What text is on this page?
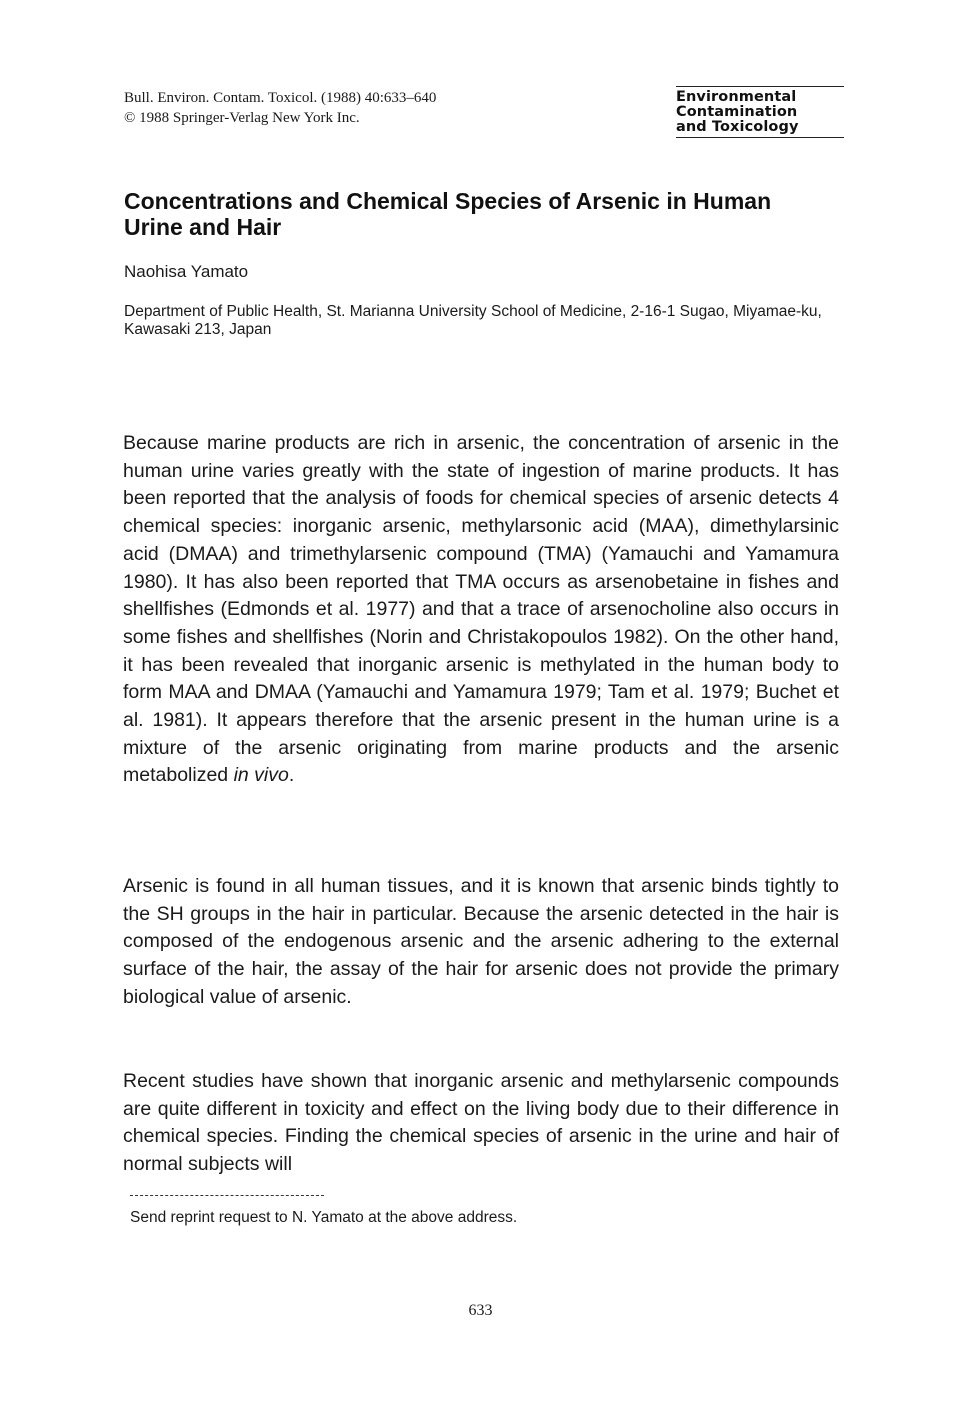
Bull. Environ. Contam. Toxicol. (1988) 40:633–640
© 1988 Springer-Verlag New York Inc.
Environmental
Contamination
and Toxicology
Concentrations and Chemical Species of Arsenic in Human Urine and Hair
Naohisa Yamato
Department of Public Health, St. Marianna University School of Medicine, 2-16-1 Sugao, Miyamae-ku, Kawasaki 213, Japan
Because marine products are rich in arsenic, the concentration of arsenic in the human urine varies greatly with the state of ingestion of marine products. It has been reported that the analysis of foods for chemical species of arsenic detects 4 chemical species: inorganic arsenic, methylarsonic acid (MAA), dimethylarsinic acid (DMAA) and trimethylarsenic compound (TMA) (Yamauchi and Yamamura 1980). It has also been reported that TMA occurs as arsenobetaine in fishes and shellfishes (Edmonds et al. 1977) and that a trace of arsenocholine also occurs in some fishes and shellfishes (Norin and Christakopoulos 1982). On the other hand, it has been revealed that inorganic arsenic is methylated in the human body to form MAA and DMAA (Yamauchi and Yamamura 1979; Tam et al. 1979; Buchet et al. 1981). It appears therefore that the arsenic present in the human urine is a mixture of the arsenic originating from marine products and the arsenic metabolized in vivo.
Arsenic is found in all human tissues, and it is known that arsenic binds tightly to the SH groups in the hair in particular. Because the arsenic detected in the hair is composed of the endogenous arsenic and the arsenic adhering to the external surface of the hair, the assay of the hair for arsenic does not provide the primary biological value of arsenic.
Recent studies have shown that inorganic arsenic and methylarsenic compounds are quite different in toxicity and effect on the living body due to their difference in chemical species. Finding the chemical species of arsenic in the urine and hair of normal subjects will
Send reprint request to N. Yamato at the above address.
633
